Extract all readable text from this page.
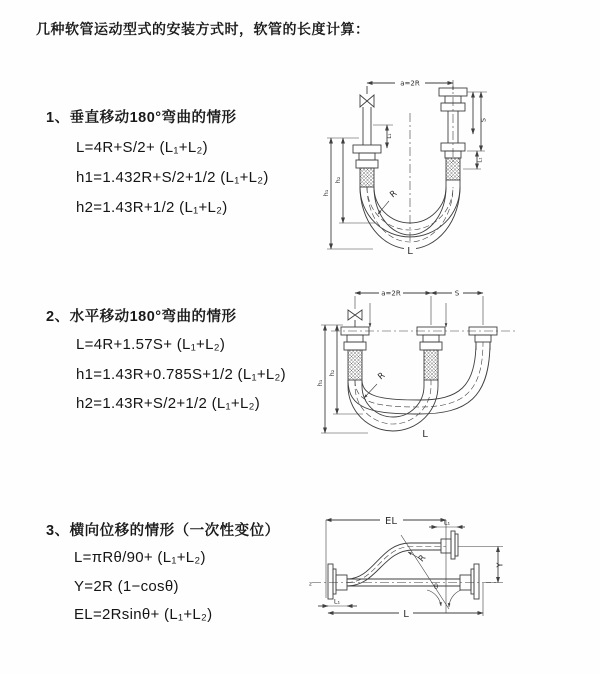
几种软管运动型式的安装方式时，软管的长度计算：
1、垂直移动180°弯曲的情形
L=4R+S/2+ (L₁+L₂)
h1=1.432R+S/2+1/2 (L₁+L₂)
h2=1.43R+1/2 (L₁+L₂)
2、水平移动180°弯曲的情形
L=4R+1.57S+ (L₁+L₂)
h1=1.43R+0.785S+1/2 (L₁+L₂)
h2=1.43R+S/2+1/2 (L₁+L₂)
3、横向位移的情形（一次性变位）
L=πRθ/90+ (L₁+L₂)
Y=2R (1−cosθ)
EL=2Rsinθ+ (L₁+L₂)
a=2R
h₁
h₂
L₁
S
L₁
R
L
a=2R	S
h₁
h₂	R
L
EL	L₁
z	θ
R
Y
L₁
L
